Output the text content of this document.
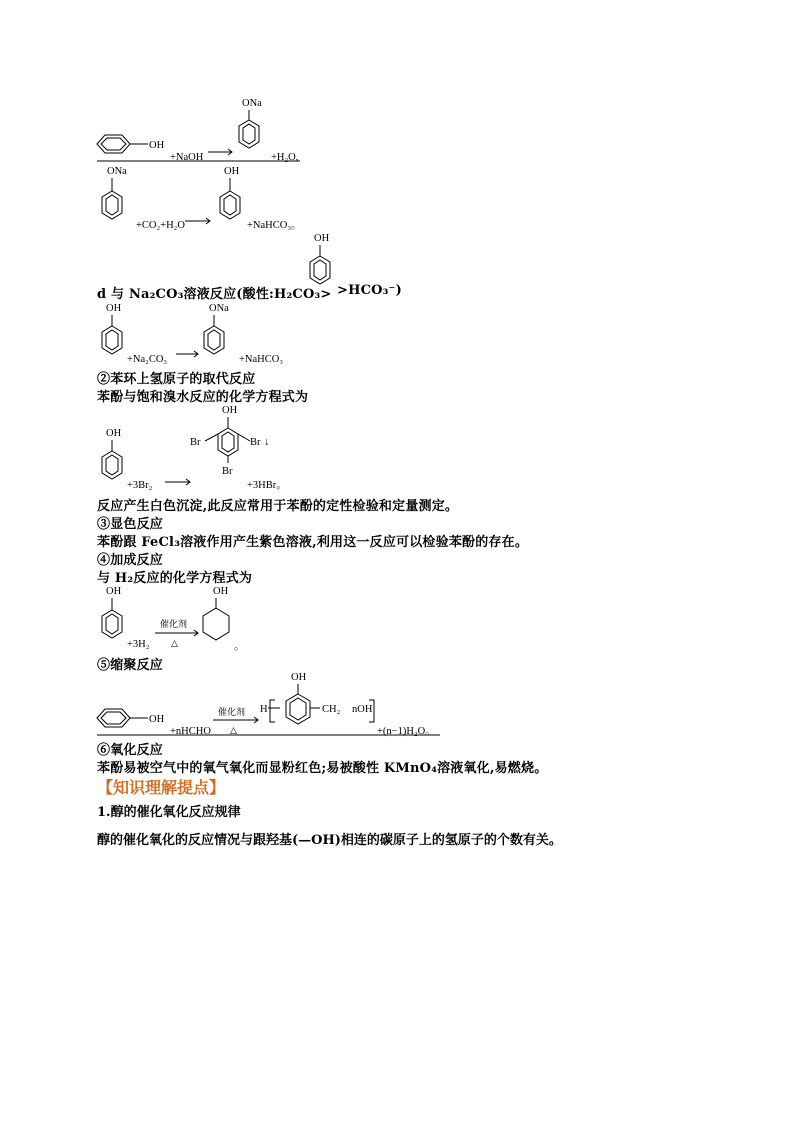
OH
+NaOH
ONa
+H₂O,
ONa
+CO₂+H₂O
OH
+NaHCO₃。
OH
OH
+Na₂CO₃
ONa
+NaHCO₃
OH
+3Br₂
OH
Br	Br ↓
Br
+3HBr。
OH
+3H₂
催化剂
△
OH
。
OH
+nHCHO
催化剂
△
OH
H	CH₂ nOH
+(n−1)H₂O。
d 与 Na₂CO₃溶液反应(酸性:H₂CO₃> >HCO₃⁻)
②苯环上氢原子的取代反应
苯酚与饱和溴水反应的化学方程式为
反应产生白色沉淀,此反应常用于苯酚的定性检验和定量测定。
③显色反应
苯酚跟 FeCl₃溶液作用产生紫色溶液,利用这一反应可以检验苯酚的存在。
④加成反应
与 H₂反应的化学方程式为
⑤缩聚反应
⑥氧化反应
苯酚易被空气中的氧气氧化而显粉红色;易被酸性 KMnO₄溶液氧化,易燃烧。
【知识理解提点】
1.醇的催化氧化反应规律
醇的催化氧化的反应情况与跟羟基(—OH)相连的碳原子上的氢原子的个数有关。
